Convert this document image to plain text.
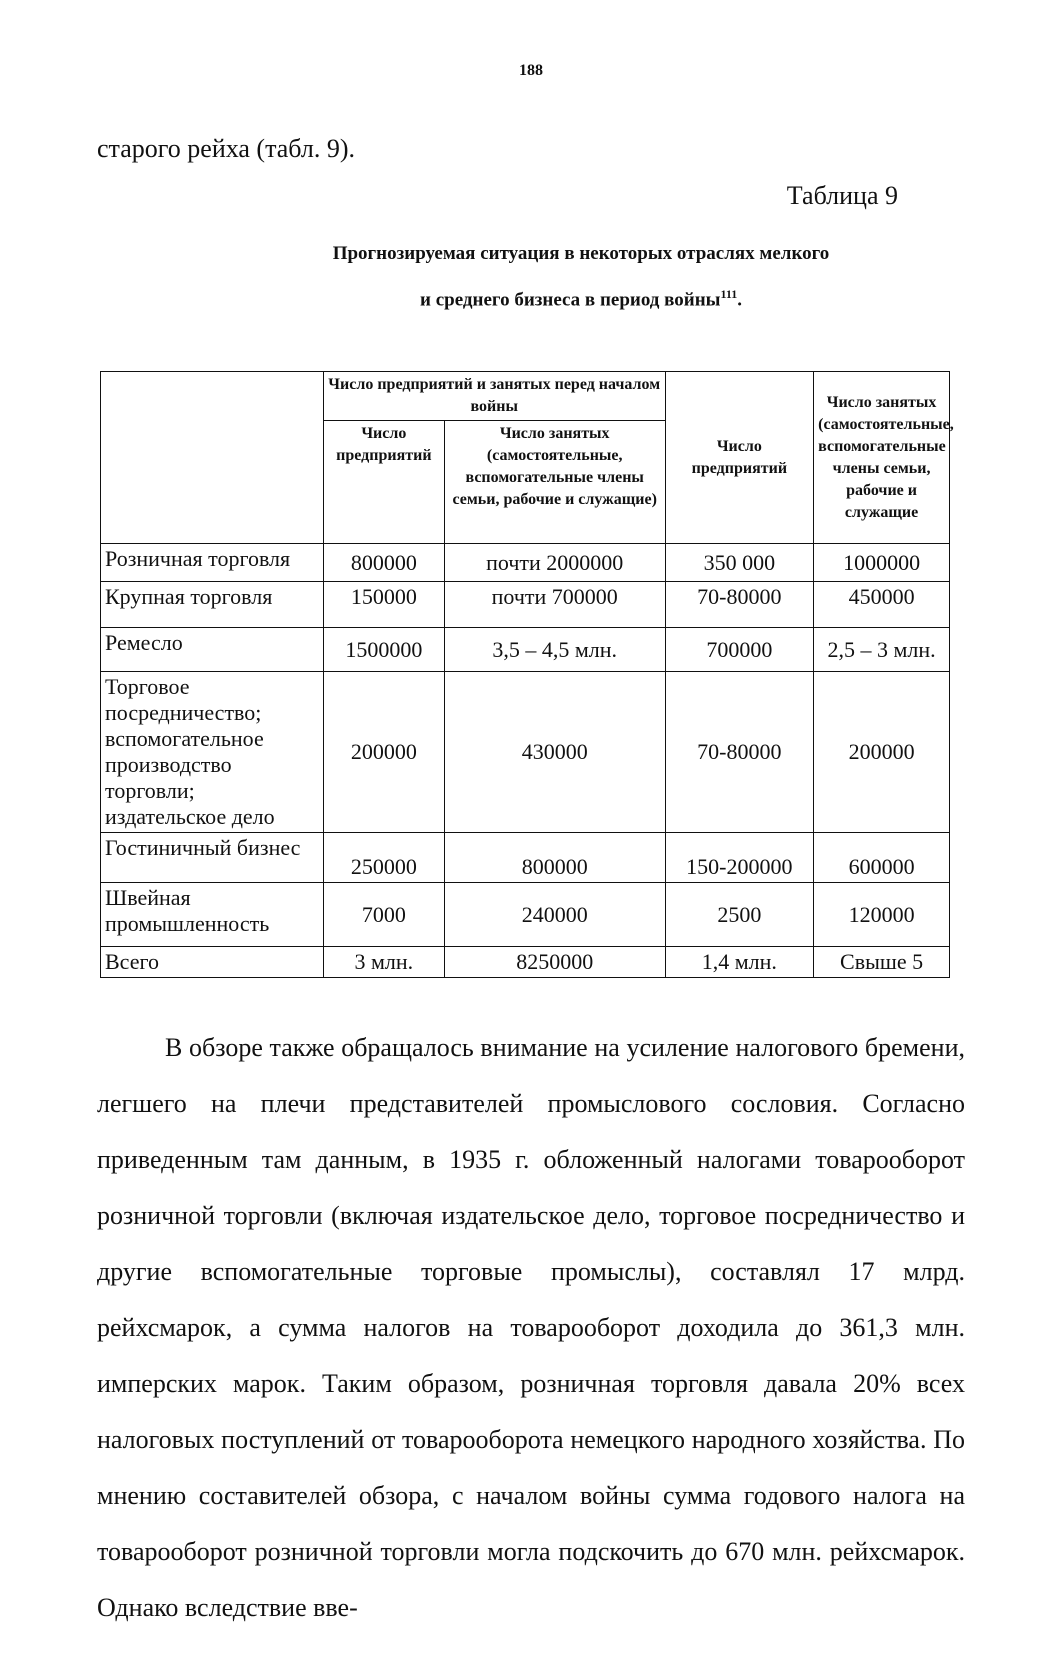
188
старого рейха (табл. 9).
Таблица 9
Прогнозируемая ситуация в некоторых отраслях мелкого
и среднего бизнеса в период войны$^{111}$.
	Число предприятий и занятых перед началом войны		Число предприятий	Число занятых (самостоятельные, вспомогательные члены семьи, рабочие и служащие
	Число предприятий	Число занятых (самостоятельные, вспомогательные члены семьи, рабочие и служащие)		
Розничная торговля	800000	почти 2000000	350 000	1000000
Крупная торговля	150000	почти 700000	70-80000	450000
Ремесло	1500000	3,5 – 4,5 млн.	700000	2,5 – 3 млн.
Торговое посредничество; вспомогательное производство торговли; издательское дело	200000	430000	70-80000	200000
Гостиничный бизнес	250000	800000	150-200000	600000
Швейная промышленность	7000	240000	2500	120000
Всего	3 млн.	8250000	1,4 млн.	Свыше 5

В обзоре также обращалось внимание на усиление налогового бремени, легшего на плечи представителей промыслового сословия. Согласно приведенным там данным, в 1935 г. обложенный налогами товарооборот розничной торговли (включая издательское дело, торговое посредничество и другие вспомогательные торговые промыслы), составлял 17 млрд. рейхсмарок, а сумма налогов на товарооборот доходила до 361,3 млн. имперских марок. Таким образом, розничная торговля давала 20% всех налоговых поступлений от товарооборота немецкого народного хозяйства. По мнению составителей обзора, с началом войны сумма годового налога на товарооборот розничной торговли могла подскочить до 670 млн. рейхсмарок. Однако вследствие вве-
